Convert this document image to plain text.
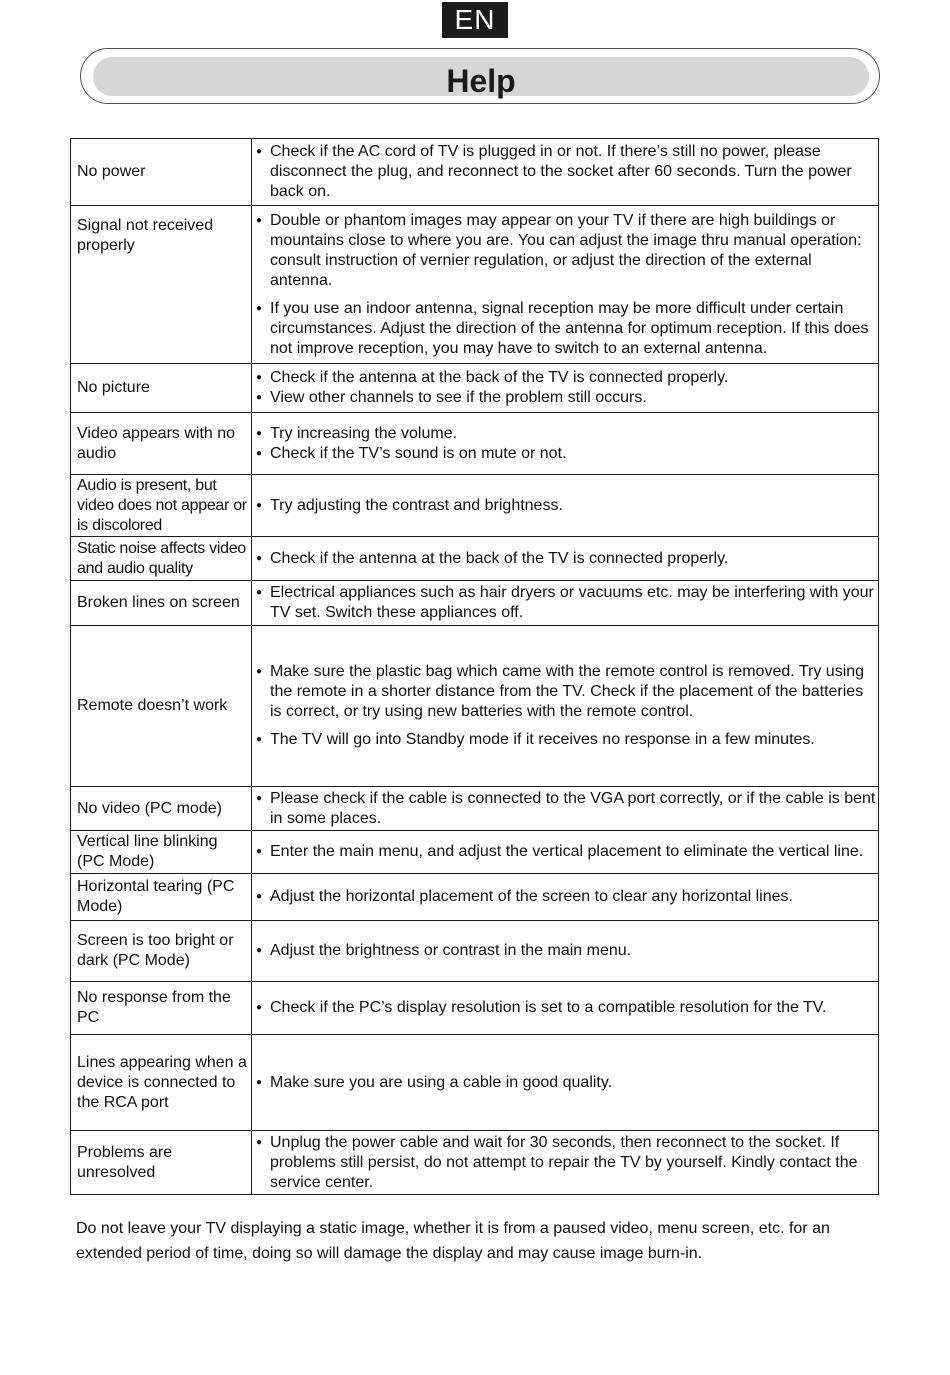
EN
Help
No power	● Check if the AC cord of TV is plugged in or not. If there’s still no power, please disconnect the plug, and reconnect to the socket after 60 seconds. Turn the power back on.

Signal not received properly	● Double or phantom images may appear on your TV if there are high buildings or mountains close to where you are. You can adjust the image thru manual operation: consult instruction of vernier regulation, or adjust the direction of the external antenna.
● If you use an indoor antenna, signal reception may be more difficult under certain circumstances. Adjust the direction of the antenna for optimum reception. If this does not improve reception, you may have to switch to an external antenna.

No picture	● Check if the antenna at the back of the TV is connected properly.
● View other channels to see if the problem still occurs.

Video appears with no audio	● Try increasing the volume.
● Check if the TV’s sound is on mute or not.

Audio is present, but video does not appear or is discolored	● Try adjusting the contrast and brightness.

Static noise affects video and audio quality	● Check if the antenna at the back of the TV is connected properly.

Broken lines on screen	● Electrical appliances such as hair dryers or vacuums etc. may be interfering with your TV set. Switch these appliances off.

Remote doesn’t work	● Make sure the plastic bag which came with the remote control is removed. Try using the remote in a shorter distance from the TV. Check if the placement of the batteries is correct, or try using new batteries with the remote control.
● The TV will go into Standby mode if it receives no response in a few minutes.

No video (PC mode)	● Please check if the cable is connected to the VGA port correctly, or if the cable is bent in some places.

Vertical line blinking (PC Mode)	● Enter the main menu, and adjust the vertical placement to eliminate the vertical line.

Horizontal tearing (PC Mode)	● Adjust the horizontal placement of the screen to clear any horizontal lines.

Screen is too bright or dark (PC Mode)	● Adjust the brightness or contrast in the main menu.

No response from the PC	● Check if the PC’s display resolution is set to a compatible resolution for the TV.

Lines appearing when a device is connected to the RCA port	● Make sure you are using a cable in good quality.

Problems are unresolved	● Unplug the power cable and wait for 30 seconds, then reconnect to the socket. If problems still persist, do not attempt to repair the TV by yourself. Kindly contact the service center.
Do not leave your TV displaying a static image, whether it is from a paused video, menu screen, etc. for an extended period of time, doing so will damage the display and may cause image burn-in.
